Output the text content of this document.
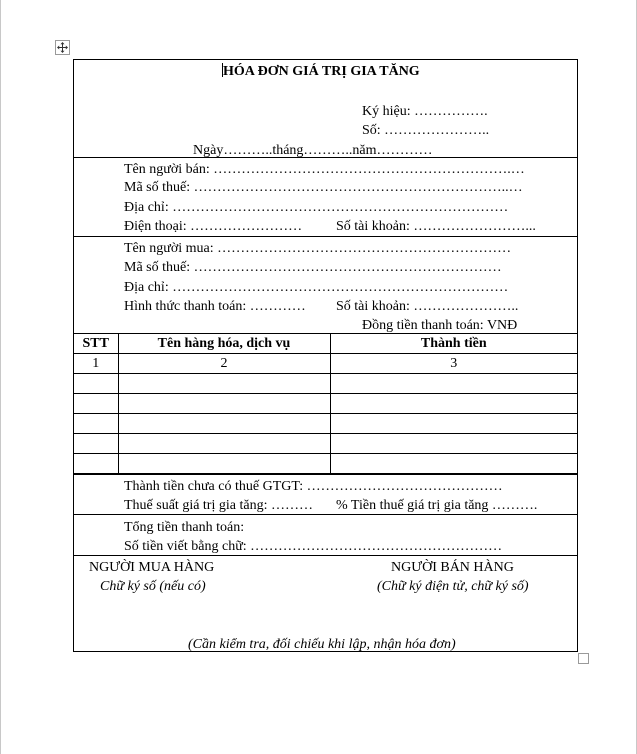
HÓA ĐƠN GIÁ TRỊ GIA TĂNG
Ký hiệu: …………….
Số: …………………..
Ngày………..tháng………..năm…………
Tên người bán: ……………………………………………………….…
Mã số thuế: …………………………………………………………..…
Địa chỉ: ………………………………………………………………
Điện thoại: …………………… Số tài khoản: ……………………...
Tên người mua: ………………………………………………………
Mã số thuế: …………………………………………………………
Địa chỉ: ………………………………………………………………
Hình thức thanh toán: ………… Số tài khoản: …………………..
Đồng tiền thanh toán: VNĐ
STT	Tên hàng hóa, dịch vụ	Thành tiền
1	2	3

Thành tiền chưa có thuế GTGT: ……………………………………
Thuế suất giá trị gia tăng: ……… % Tiền thuế giá trị gia tăng ……….
Tổng tiền thanh toán:
Số tiền viết bằng chữ: ………………………………………………
NGƯỜI MUA HÀNG
Chữ ký số (nếu có)
NGƯỜI BÁN HÀNG
(Chữ ký điện tử, chữ ký số)
(Cần kiểm tra, đối chiếu khi lập, nhận hóa đơn)
